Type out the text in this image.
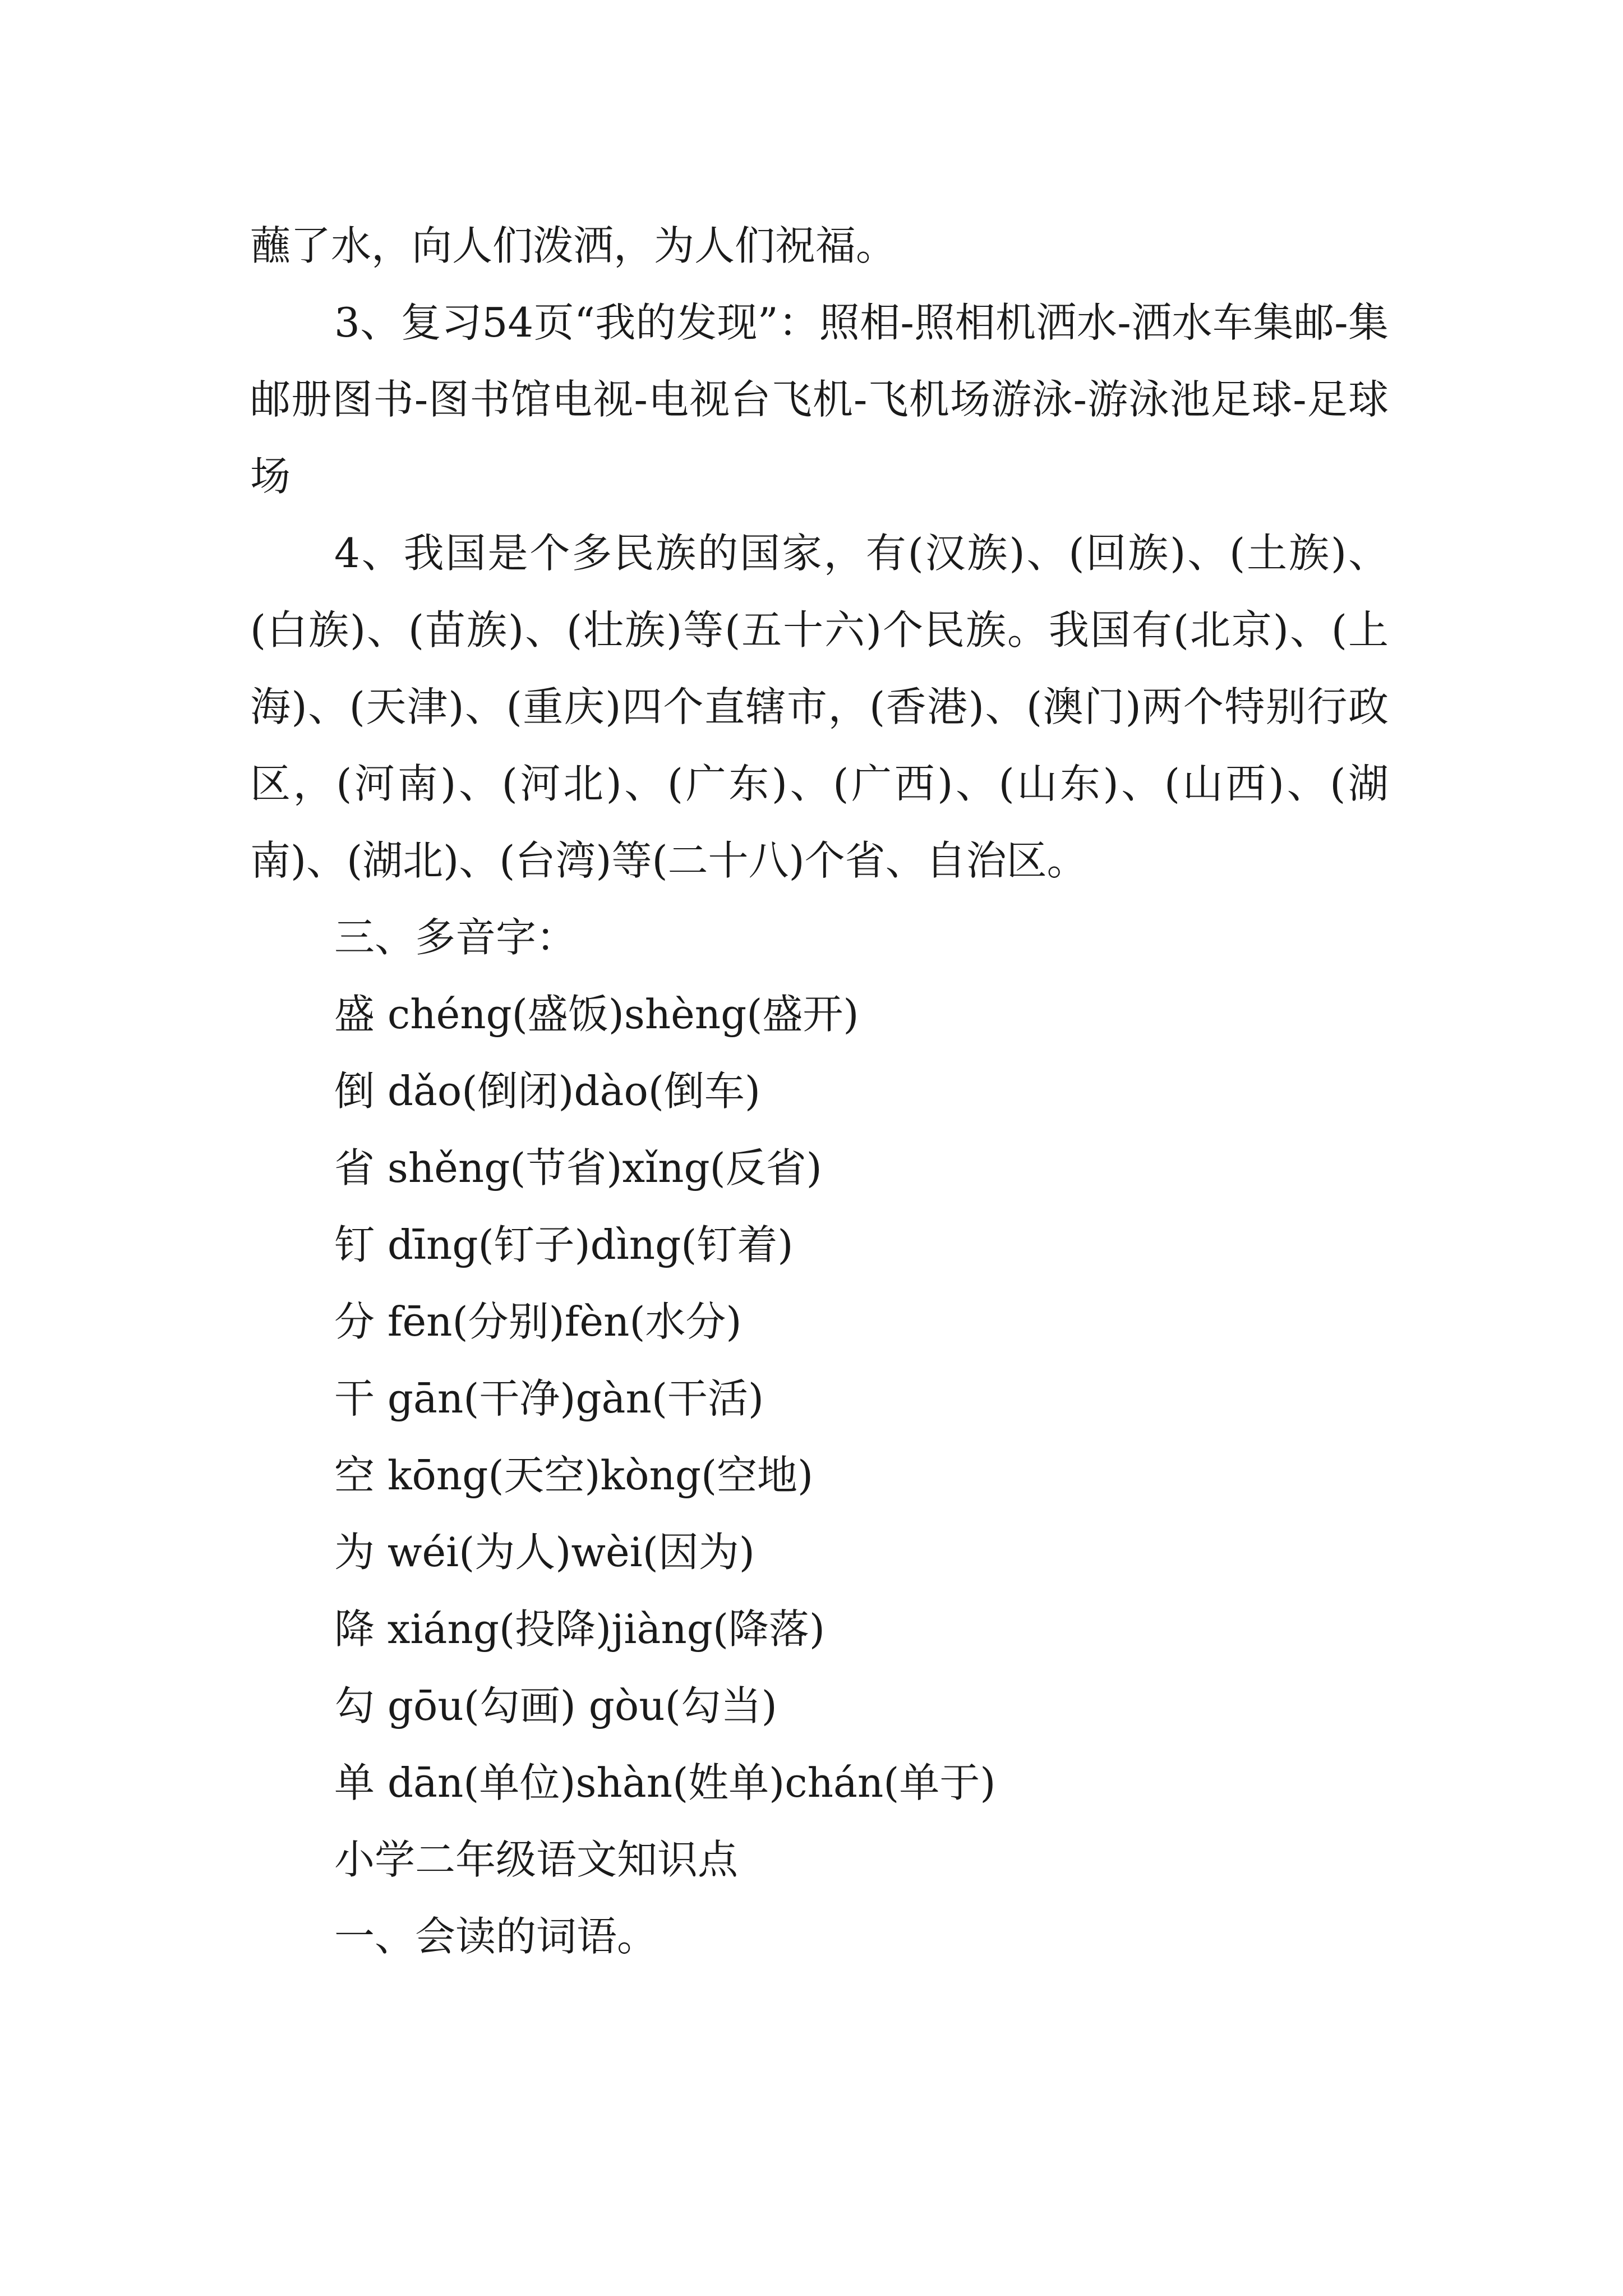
蘸了水，向人们泼洒，为人们祝福。

3、复习54页“我的发现”：照相-照相机洒水-洒水车集邮-集邮册图书-图书馆电视-电视台飞机-飞机场游泳-游泳池足球-足球场

4、我国是个多民族的国家，有(汉族)、(回族)、(土族)、(白族)、(苗族)、(壮族)等(五十六)个民族。我国有(北京)、(上海)、(天津)、(重庆)四个直辖市，(香港)、(澳门)两个特别行政区，(河南)、(河北)、(广东)、(广西)、(山东)、(山西)、(湖南)、(湖北)、(台湾)等(二十八)个省、自治区。

三、多音字：

盛 chéng(盛饭)shèng(盛开)

倒 dǎo(倒闭)dào(倒车)

省 shěng(节省)xǐng(反省)

钉 dīng(钉子)dìng(钉着)

分 fēn(分别)fèn(水分)

干 gān(干净)gàn(干活)

空 kōng(天空)kòng(空地)

为 wéi(为人)wèi(因为)

降 xiáng(投降)jiàng(降落)

勾 gōu(勾画) gòu(勾当)

单 dān(单位)shàn(姓单)chán(单于)

小学二年级语文知识点

一、会读的词语。
